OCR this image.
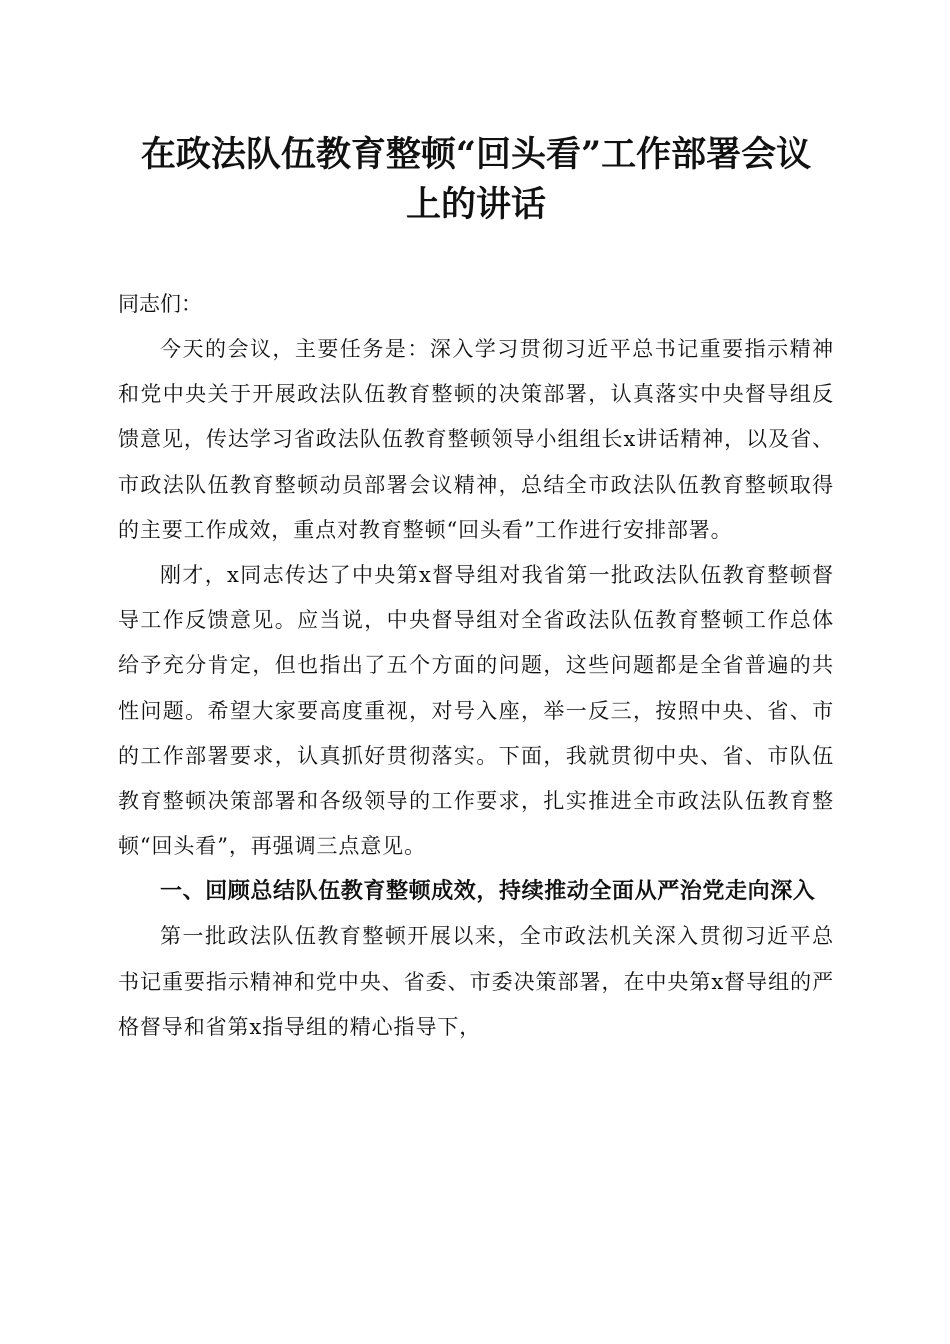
在政法队伍教育整顿“回头看”工作部署会议
上的讲话

同志们：

今天的会议，主要任务是：深入学习贯彻习近平总书记重要指示精神和党中央关于开展政法队伍教育整顿的决策部署，认真落实中央督导组反馈意见，传达学习省政法队伍教育整顿领导小组组长x讲话精神，以及省、市政法队伍教育整顿动员部署会议精神，总结全市政法队伍教育整顿取得的主要工作成效，重点对教育整顿“回头看”工作进行安排部署。

刚才，x同志传达了中央第x督导组对我省第一批政法队伍教育整顿督导工作反馈意见。应当说，中央督导组对全省政法队伍教育整顿工作总体给予充分肯定，但也指出了五个方面的问题，这些问题都是全省普遍的共性问题。希望大家要高度重视，对号入座，举一反三，按照中央、省、市的工作部署要求，认真抓好贯彻落实。下面，我就贯彻中央、省、市队伍教育整顿决策部署和各级领导的工作要求，扎实推进全市政法队伍教育整顿“回头看”，再强调三点意见。

一、回顾总结队伍教育整顿成效，持续推动全面从严治党走向深入

第一批政法队伍教育整顿开展以来，全市政法机关深入贯彻习近平总书记重要指示精神和党中央、省委、市委决策部署，在中央第x督导组的严格督导和省第x指导组的精心指导下，
